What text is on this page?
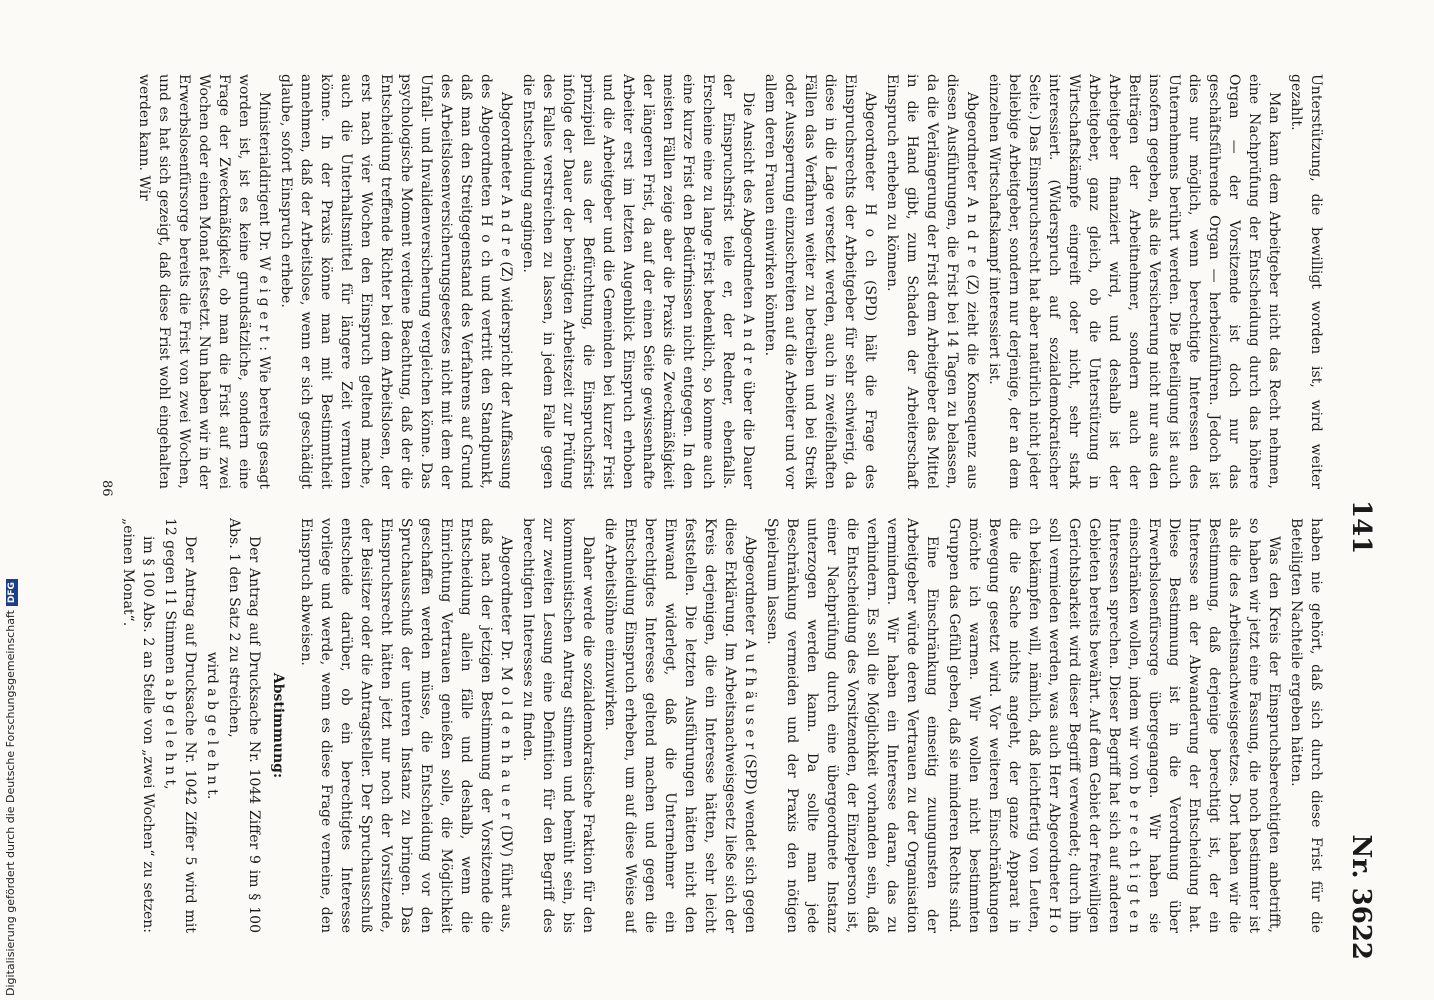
141
Nr. 3622

Unterstützung, die bewilligt worden ist, wird weiter gezahlt.

Man kann dem Arbeitgeber nicht das Recht nehmen, eine Nachprüfung der Entscheidung durch das höhere Organ — der Vorsitzende ist doch nur das geschäftsführende Organ — herbeizuführen. Jedoch ist dies nur möglich, wenn berechtigte Interessen des Unternehmens berührt werden. Die Beteiligung ist auch insofern gegeben, als die Versicherung nicht nur aus den Beiträgen der Arbeitnehmer, sondern auch der Arbeitgeber finanziert wird, und deshalb ist der Arbeitgeber, ganz gleich, ob die Unterstützung in Wirtschaftskämpfe eingreift oder nicht, sehr stark interessiert. (Widerspruch auf sozialdemokratischer Seite.) Das Einspruchsrecht hat aber natürlich nicht jeder beliebige Arbeitgeber, sondern nur derjenige, der an dem einzelnen Wirtschaftskampf interessiert ist.

Abgeordneter A n d r e (Z) zieht die Konsequenz aus diesen Ausführungen, die Frist bei 14 Tagen zu belassen, da die Verlängerung der Frist dem Arbeitgeber das Mittel in die Hand gibt, zum Schaden der Arbeiterschaft Einspruch erheben zu können.

Abgeordneter H o ch (SPD) hält die Frage des Einspruchsrechts der Arbeitgeber für sehr schwierig, da diese in die Lage versetzt werden, auch in zweifelhaften Fällen das Verfahren weiter zu betreiben und bei Streik oder Aussperrung einzuschreiten auf die Arbeiter und vor allem deren Frauen einwirken könnten.

Die Ansicht des Abgeordneten A n d r e über die Dauer der Einspruchsfrist teile er, der Redner, ebenfalls. Erscheine eine zu lange Frist bedenklich, so komme auch eine kurze Frist den Bedürfnissen nicht entgegen. In den meisten Fällen zeige aber die Praxis die Zweckmäßigkeit der längeren Frist, da auf der einen Seite gewissenhafte Arbeiter erst im letzten Augenblick Einspruch erhoben und die Arbeitgeber und die Gemeinden bei kurzer Frist prinzipiell aus der Befürchtung, die Einspruchsfrist infolge der Dauer der benötigten Arbeitszeit zur Prüfung des Falles verstreichen zu lassen, in jedem Falle gegen die Entscheidung angingen.

Abgeordneter A n d r e (Z) widerspricht der Auffassung des Abgeordneten H o ch und vertritt den Standpunkt, daß man den Streitgegenstand des Verfahrens auf Grund des Arbeitslosenversicherungsgesetzes nicht mit dem der Unfall- und Invalidenversicherung vergleichen könne. Das psychologische Moment verdiene Beachtung, daß der die Entscheidung treffende Richter bei dem Arbeitslosen, der erst nach vier Wochen den Einspruch geltend mache, auch die Unterhaltsmittel für längere Zeit vermuten könne. In der Praxis könne man mit Bestimmtheit annehmen, daß der Arbeitslose, wenn er sich geschädigt glaube, sofort Einspruch erhebe.

Ministerialdirigent Dr. W e i g e r t : Wie bereits gesagt worden ist, ist es keine grundsätzliche, sondern eine Frage der Zweckmäßigkeit, ob man die Frist auf zwei Wochen oder einen Monat festsetzt. Nun haben wir in der Erwerbslosenfürsorge bereits die Frist von zwei Wochen, und es hat sich gezeigt, daß diese Frist wohl eingehalten werden kann. Wir

haben nie gehört, daß sich durch diese Frist für die Beteiligten Nachteile ergeben hätten.

Was den Kreis der Einspruchsberechtigten anbetrifft, so haben wir jetzt eine Fassung, die noch bestimmter ist als die des Arbeitsnachweisgesetzes. Dort haben wir die Bestimmung, daß derjenige berechtigt ist, der ein Interesse an der Abwanderung der Entscheidung hat. Diese Bestimmung ist in die Verordnung über Erwerbslosenfürsorge übergegangen. Wir haben sie einschränken wollen, indem wir von b e r e ch t i g t e n Interessen sprechen. Dieser Begriff hat sich auf anderen Gebieten bereits bewährt. Auf dem Gebiet der freiwilligen Gerichtsbarkeit wird dieser Begriff verwendet; durch ihn soll vermieden werden, was auch Herr Abgeordneter H o ch bekämpfen will, nämlich, daß leichtfertig von Leuten, die die Sache nichts angeht, der ganze Apparat in Bewegung gesetzt wird. Vor weiteren Einschränkungen möchte ich warnen. Wir wollen nicht bestimmten Gruppen das Gefühl geben, daß sie minderen Rechts sind.

Eine Einschränkung einseitig zuungunsten der Arbeitgeber würde deren Vertrauen zu der Organisation vermindern. Wir haben ein Interesse daran, das zu verhindern. Es soll die Möglichkeit vorhanden sein, daß die Entscheidung des Vorsitzenden, der Einzelperson ist, einer Nachprüfung durch eine übergeordnete Instanz unterzogen werden kann. Da sollte man jede Beschränkung vermeiden und der Praxis den nötigen Spielraum lassen.

Abgeordneter A u f h ä u s e r (SPD) wendet sich gegen diese Erklärung. Im Arbeitsnachweisgesetz ließe sich der Kreis derjenigen, die ein Interesse hätten, sehr leicht feststellen. Die letzten Ausführungen hätten nicht den Einwand widerlegt, daß die Unternehmer ein berechtigtes Interesse geltend machen und gegen die Entscheidung Einspruch erheben, um auf diese Weise auf die Arbeitslöhne einzuwirken.

Daher werde die sozialdemokratische Fraktion für den kommunistischen Antrag stimmen und bemüht sein, bis zur zweiten Lesung eine Definition für den Begriff des berechtigten Interesses zu finden.

Abgeordneter Dr. M o l d e n h a u e r (DV) führt aus, daß nach der jetzigen Bestimmung der Vorsitzende die Entscheidung allein fälle und deshalb, wenn die Einrichtung Vertrauen genießen solle, die Möglichkeit geschaffen werden müsse, die Entscheidung vor den Spruchausschuß der unteren Instanz zu bringen. Das Einspruchsrecht hätten jetzt nur noch der Vorsitzende, der Beisitzer oder die Antragsteller. Der Spruchausschuß entscheide darüber, ob ein berechtigtes Interesse vorliege und werde, wenn es diese Frage verneine, den Einspruch abweisen.

Abstimmung:

Der Antrag auf Drucksache Nr. 1044 Ziffer 9 im § 100 Abs. 1 den Satz 2 zu streichen,

wird a b g e l e h n t.

Der Antrag auf Drucksache Nr. 1042 Ziffer 5 wird mit 12 gegen 11 Stimmen a b g e l e h n t,

im § 100 Abs. 2 an Stelle von „zwei Wochen“ zu setzen: „einen Monat“.

86
Digitalisierung gefördert durch die Deutsche ForschungsgemeinschaftDFG
